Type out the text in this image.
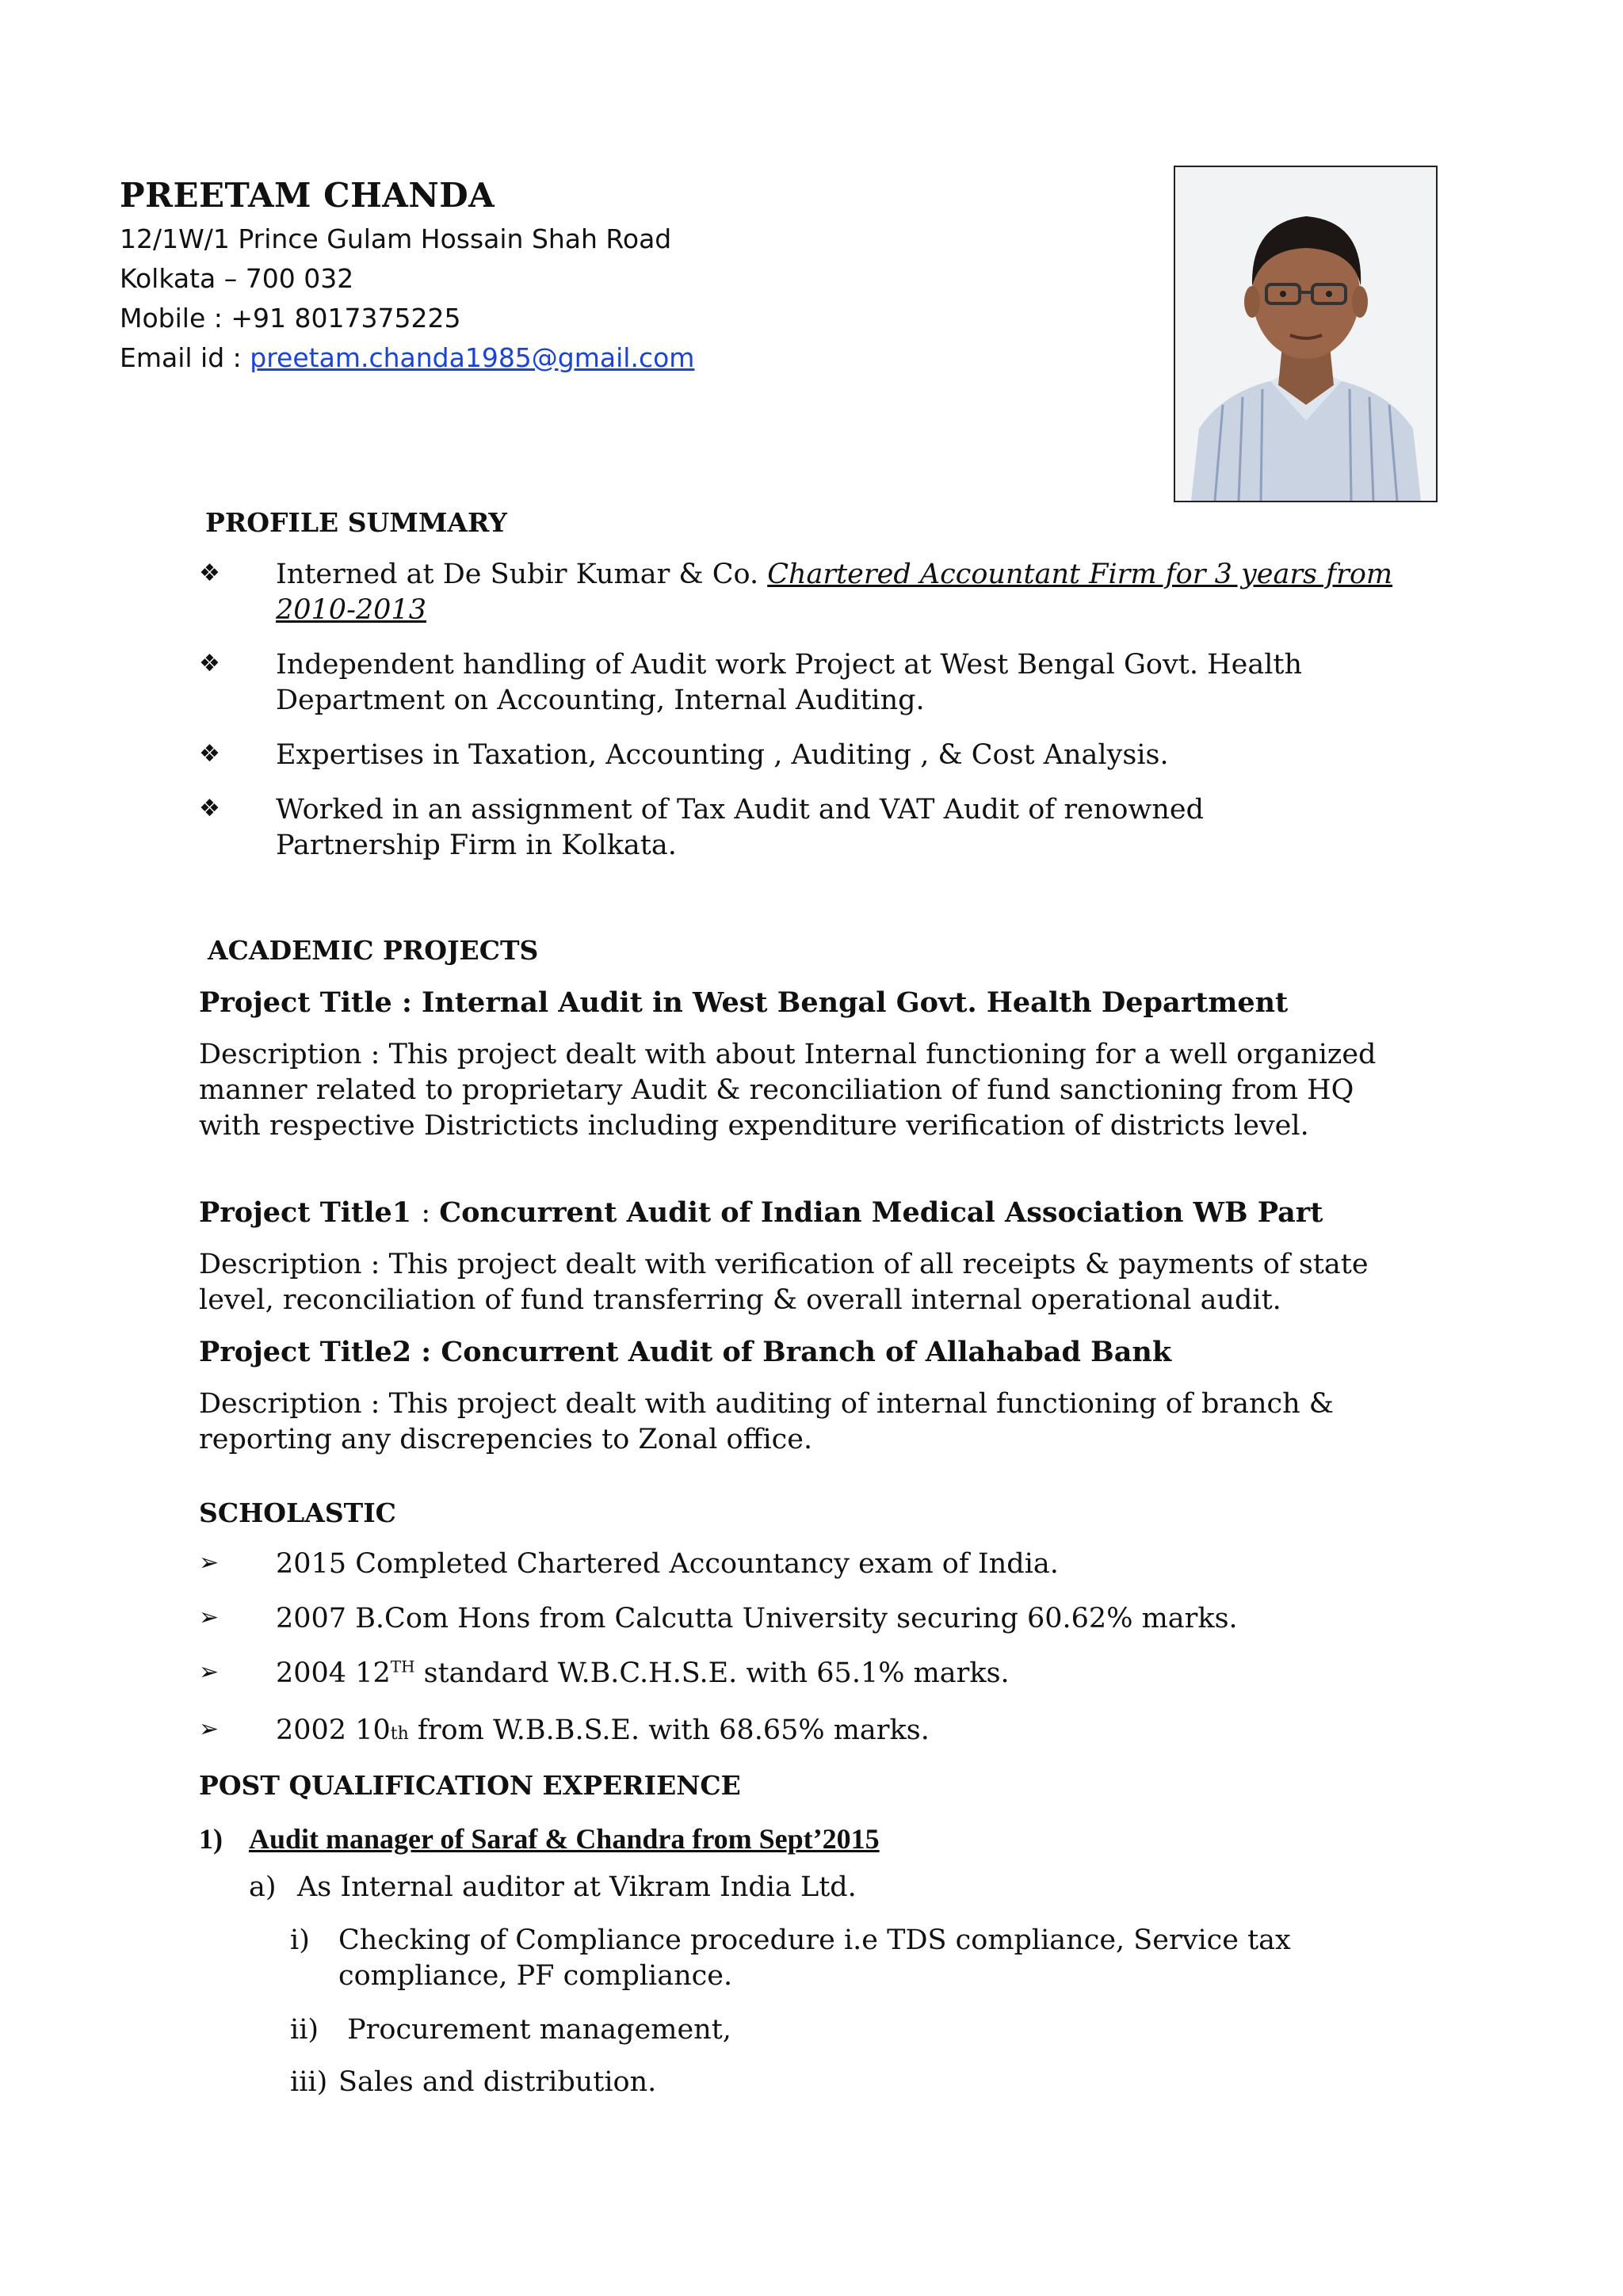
PREETAM CHANDA
12/1W/1 Prince Gulam Hossain Shah Road
Kolkata – 700 032
Mobile : +91 8017375225
Email id : preetam.chanda1985@gmail.com
PROFILE SUMMARY
❖ Interned at De Subir Kumar & Co. Chartered Accountant Firm for 3 years from
2010-2013
❖ Independent handling of Audit work Project at West Bengal Govt. Health
Department on Accounting, Internal Auditing.
❖ Expertises in Taxation, Accounting , Auditing , & Cost Analysis.
❖ Worked in an assignment of Tax Audit and VAT Audit of renowned
Partnership Firm in Kolkata.
ACADEMIC PROJECTS
Project Title : Internal Audit in West Bengal Govt. Health Department
Description : This project dealt with about Internal functioning for a well organized
manner related to proprietary Audit & reconciliation of fund sanctioning from HQ
with respective Districticts including expenditure verification of districts level.
Project Title1 : Concurrent Audit of Indian Medical Association WB Part
Description : This project dealt with verification of all receipts & payments of state
level, reconciliation of fund transferring & overall internal operational audit.
Project Title2 : Concurrent Audit of Branch of Allahabad Bank
Description : This project dealt with auditing of internal functioning of branch &
reporting any discrepencies to Zonal office.
SCHOLASTIC
➢ 2015 Completed Chartered Accountancy exam of India.
➢ 2007 B.Com Hons from Calcutta University securing 60.62% marks.
➢ 2004 12TH standard W.B.C.H.S.E. with 65.1% marks.
➢ 2002 10th from W.B.B.S.E. with 68.65% marks.
POST QUALIFICATION EXPERIENCE
1) Audit manager of Saraf & Chandra from Sept’2015
a) As Internal auditor at Vikram India Ltd.
i) Checking of Compliance procedure i.e TDS compliance, Service tax
compliance, PF compliance.
ii) Procurement management,
iii) Sales and distribution.
